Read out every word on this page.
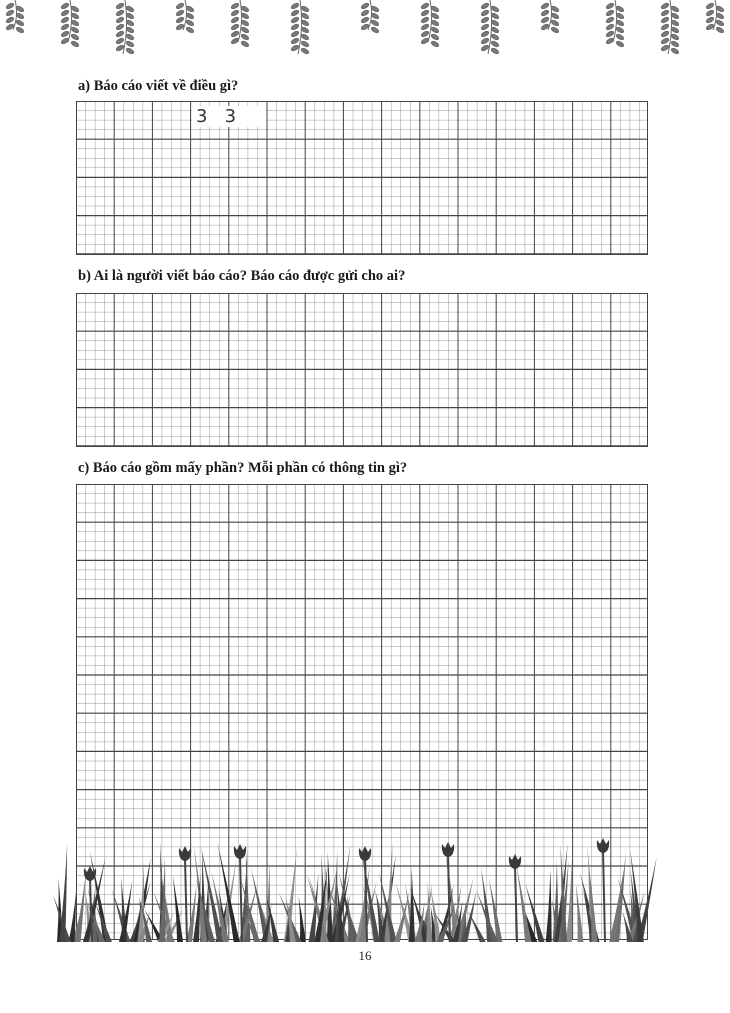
a) Báo cáo viết về điều gì?
3   3
b) Ai là người viết báo cáo? Báo cáo được gửi cho ai?
c) Báo cáo gồm mấy phần? Mỗi phần có thông tin gì?
16
